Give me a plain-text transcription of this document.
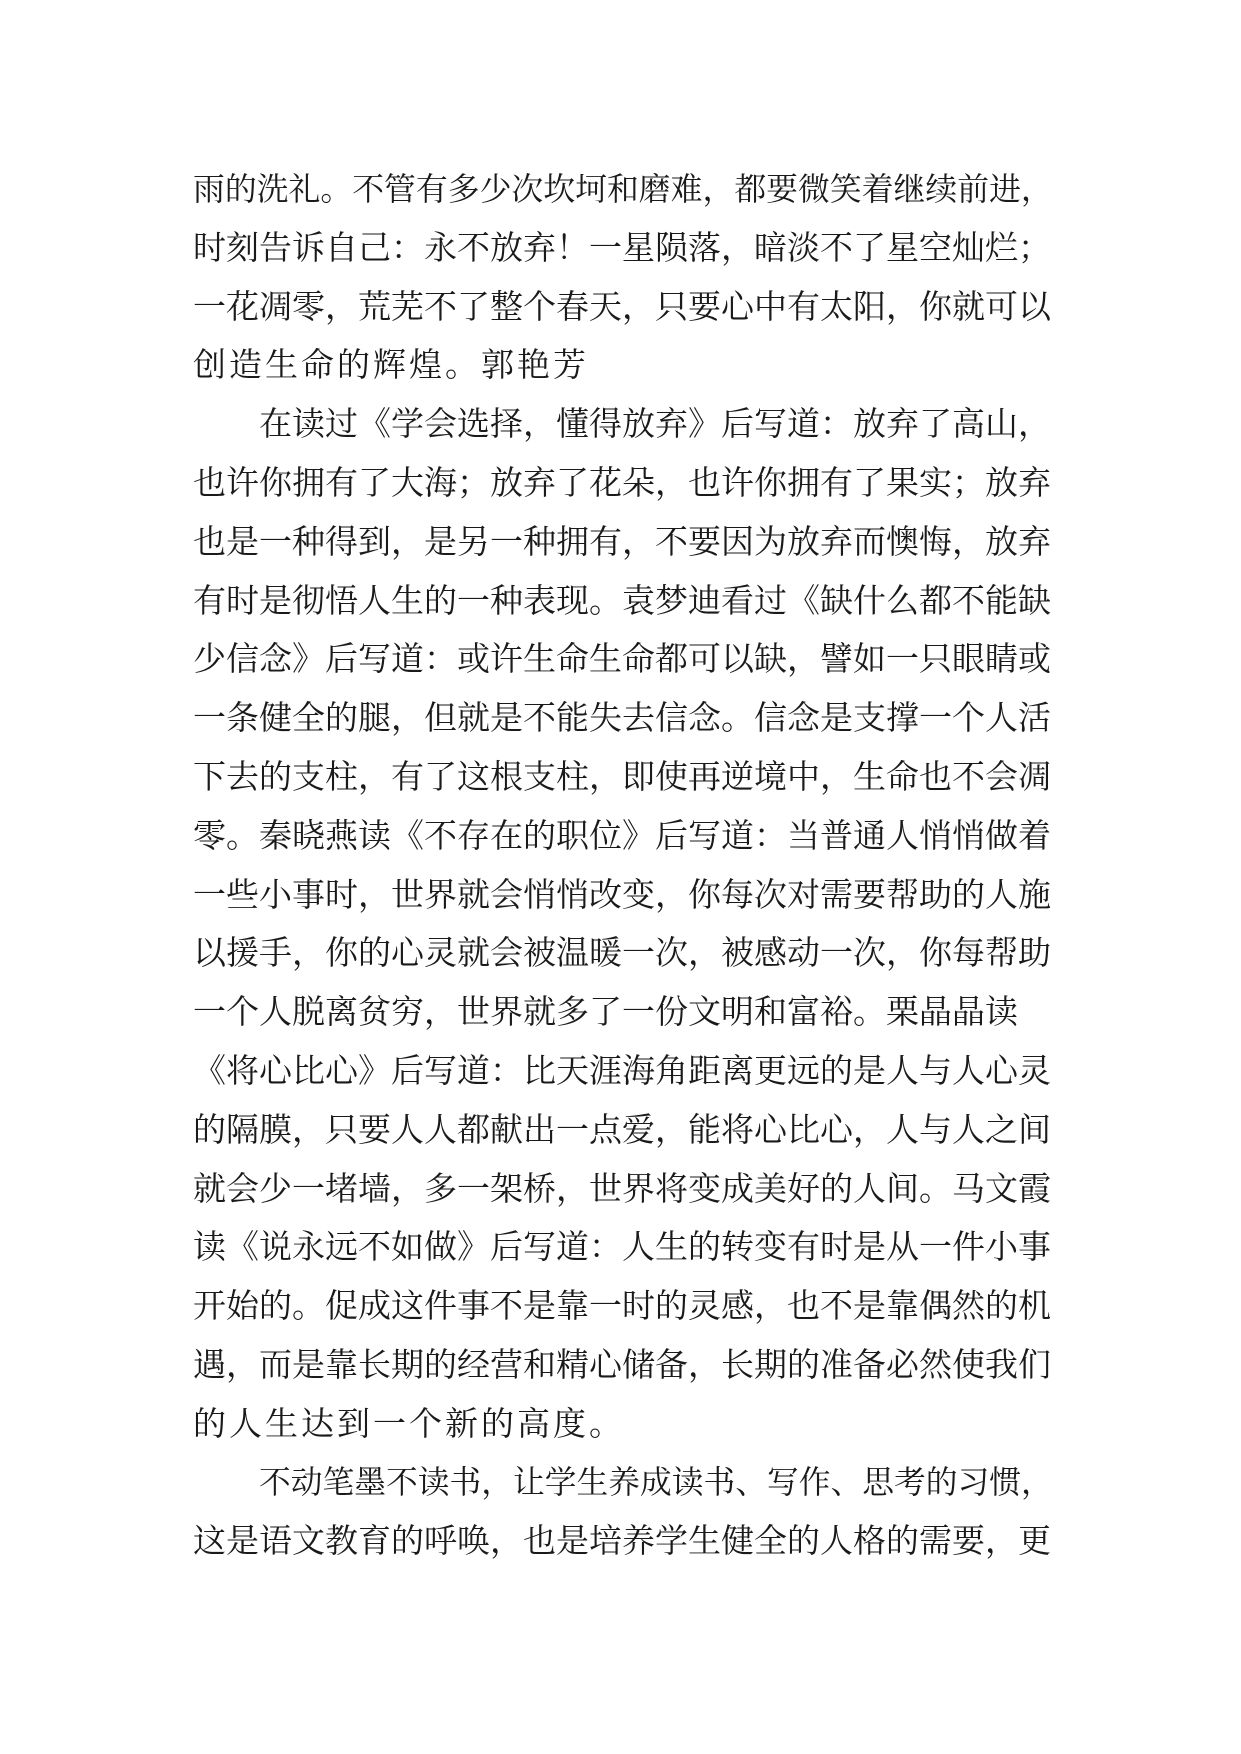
雨的洗礼。不管有多少次坎坷和磨难，都要微笑着继续前进，
时刻告诉自己：永不放弃！一星陨落，暗淡不了星空灿烂；
一花凋零，荒芜不了整个春天，只要心中有太阳，你就可以
创造生命的辉煌。郭艳芳
在读过《学会选择，懂得放弃》后写道：放弃了高山，
也许你拥有了大海；放弃了花朵，也许你拥有了果实；放弃
也是一种得到，是另一种拥有，不要因为放弃而懊悔，放弃
有时是彻悟人生的一种表现。袁梦迪看过《缺什么都不能缺
少信念》后写道：或许生命生命都可以缺，譬如一只眼睛或
一条健全的腿，但就是不能失去信念。信念是支撑一个人活
下去的支柱，有了这根支柱，即使再逆境中，生命也不会凋
零。秦晓燕读《不存在的职位》后写道：当普通人悄悄做着
一些小事时，世界就会悄悄改变，你每次对需要帮助的人施
以援手，你的心灵就会被温暖一次，被感动一次，你每帮助
一个人脱离贫穷，世界就多了一份文明和富裕。栗晶晶读
《将心比心》后写道：比天涯海角距离更远的是人与人心灵
的隔膜，只要人人都献出一点爱，能将心比心，人与人之间
就会少一堵墙，多一架桥，世界将变成美好的人间。马文霞
读《说永远不如做》后写道：人生的转变有时是从一件小事
开始的。促成这件事不是靠一时的灵感，也不是靠偶然的机
遇，而是靠长期的经营和精心储备，长期的准备必然使我们
的人生达到一个新的高度。
不动笔墨不读书，让学生养成读书、写作、思考的习惯，
这是语文教育的呼唤，也是培养学生健全的人格的需要，更
